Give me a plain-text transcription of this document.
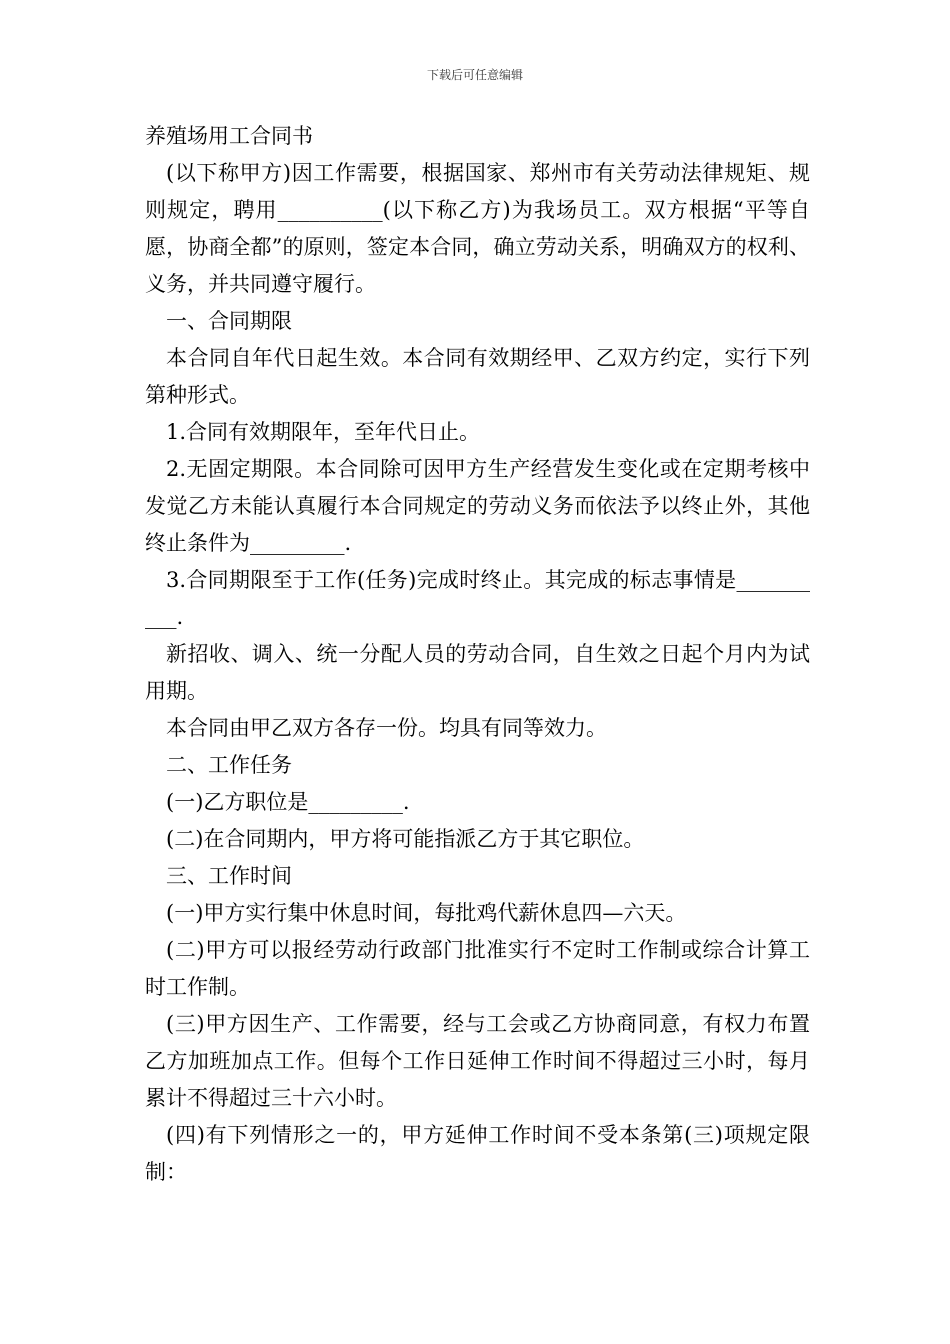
下载后可任意编辑

养殖场用工合同书

(以下称甲方)因工作需要，根据国家、郑州市有关劳动法律规矩、规则规定，聘用__________(以下称乙方)为我场员工。双方根据“平等自愿，协商全都”的原则，签定本合同，确立劳动关系，明确双方的权利、义务，并共同遵守履行。

一、合同期限

本合同自年代日起生效。本合同有效期经甲、乙双方约定，实行下列第种形式。

1.合同有效期限年，至年代日止。

2.无固定期限。本合同除可因甲方生产经营发生变化或在定期考核中发觉乙方未能认真履行本合同规定的劳动义务而依法予以终止外，其他终止条件为_________.

3.合同期限至于工作(任务)完成时终止。其完成的标志事情是__________.

新招收、调入、统一分配人员的劳动合同，自生效之日起个月内为试用期。

本合同由甲乙双方各存一份。均具有同等效力。

二、工作任务

(一)乙方职位是_________.

(二)在合同期内，甲方将可能指派乙方于其它职位。

三、工作时间

(一)甲方实行集中休息时间，每批鸡代薪休息四—六天。

(二)甲方可以报经劳动行政部门批准实行不定时工作制或综合计算工时工作制。

(三)甲方因生产、工作需要，经与工会或乙方协商同意，有权力布置乙方加班加点工作。但每个工作日延伸工作时间不得超过三小时，每月累计不得超过三十六小时。

(四)有下列情形之一的，甲方延伸工作时间不受本条第(三)项规定限制：
